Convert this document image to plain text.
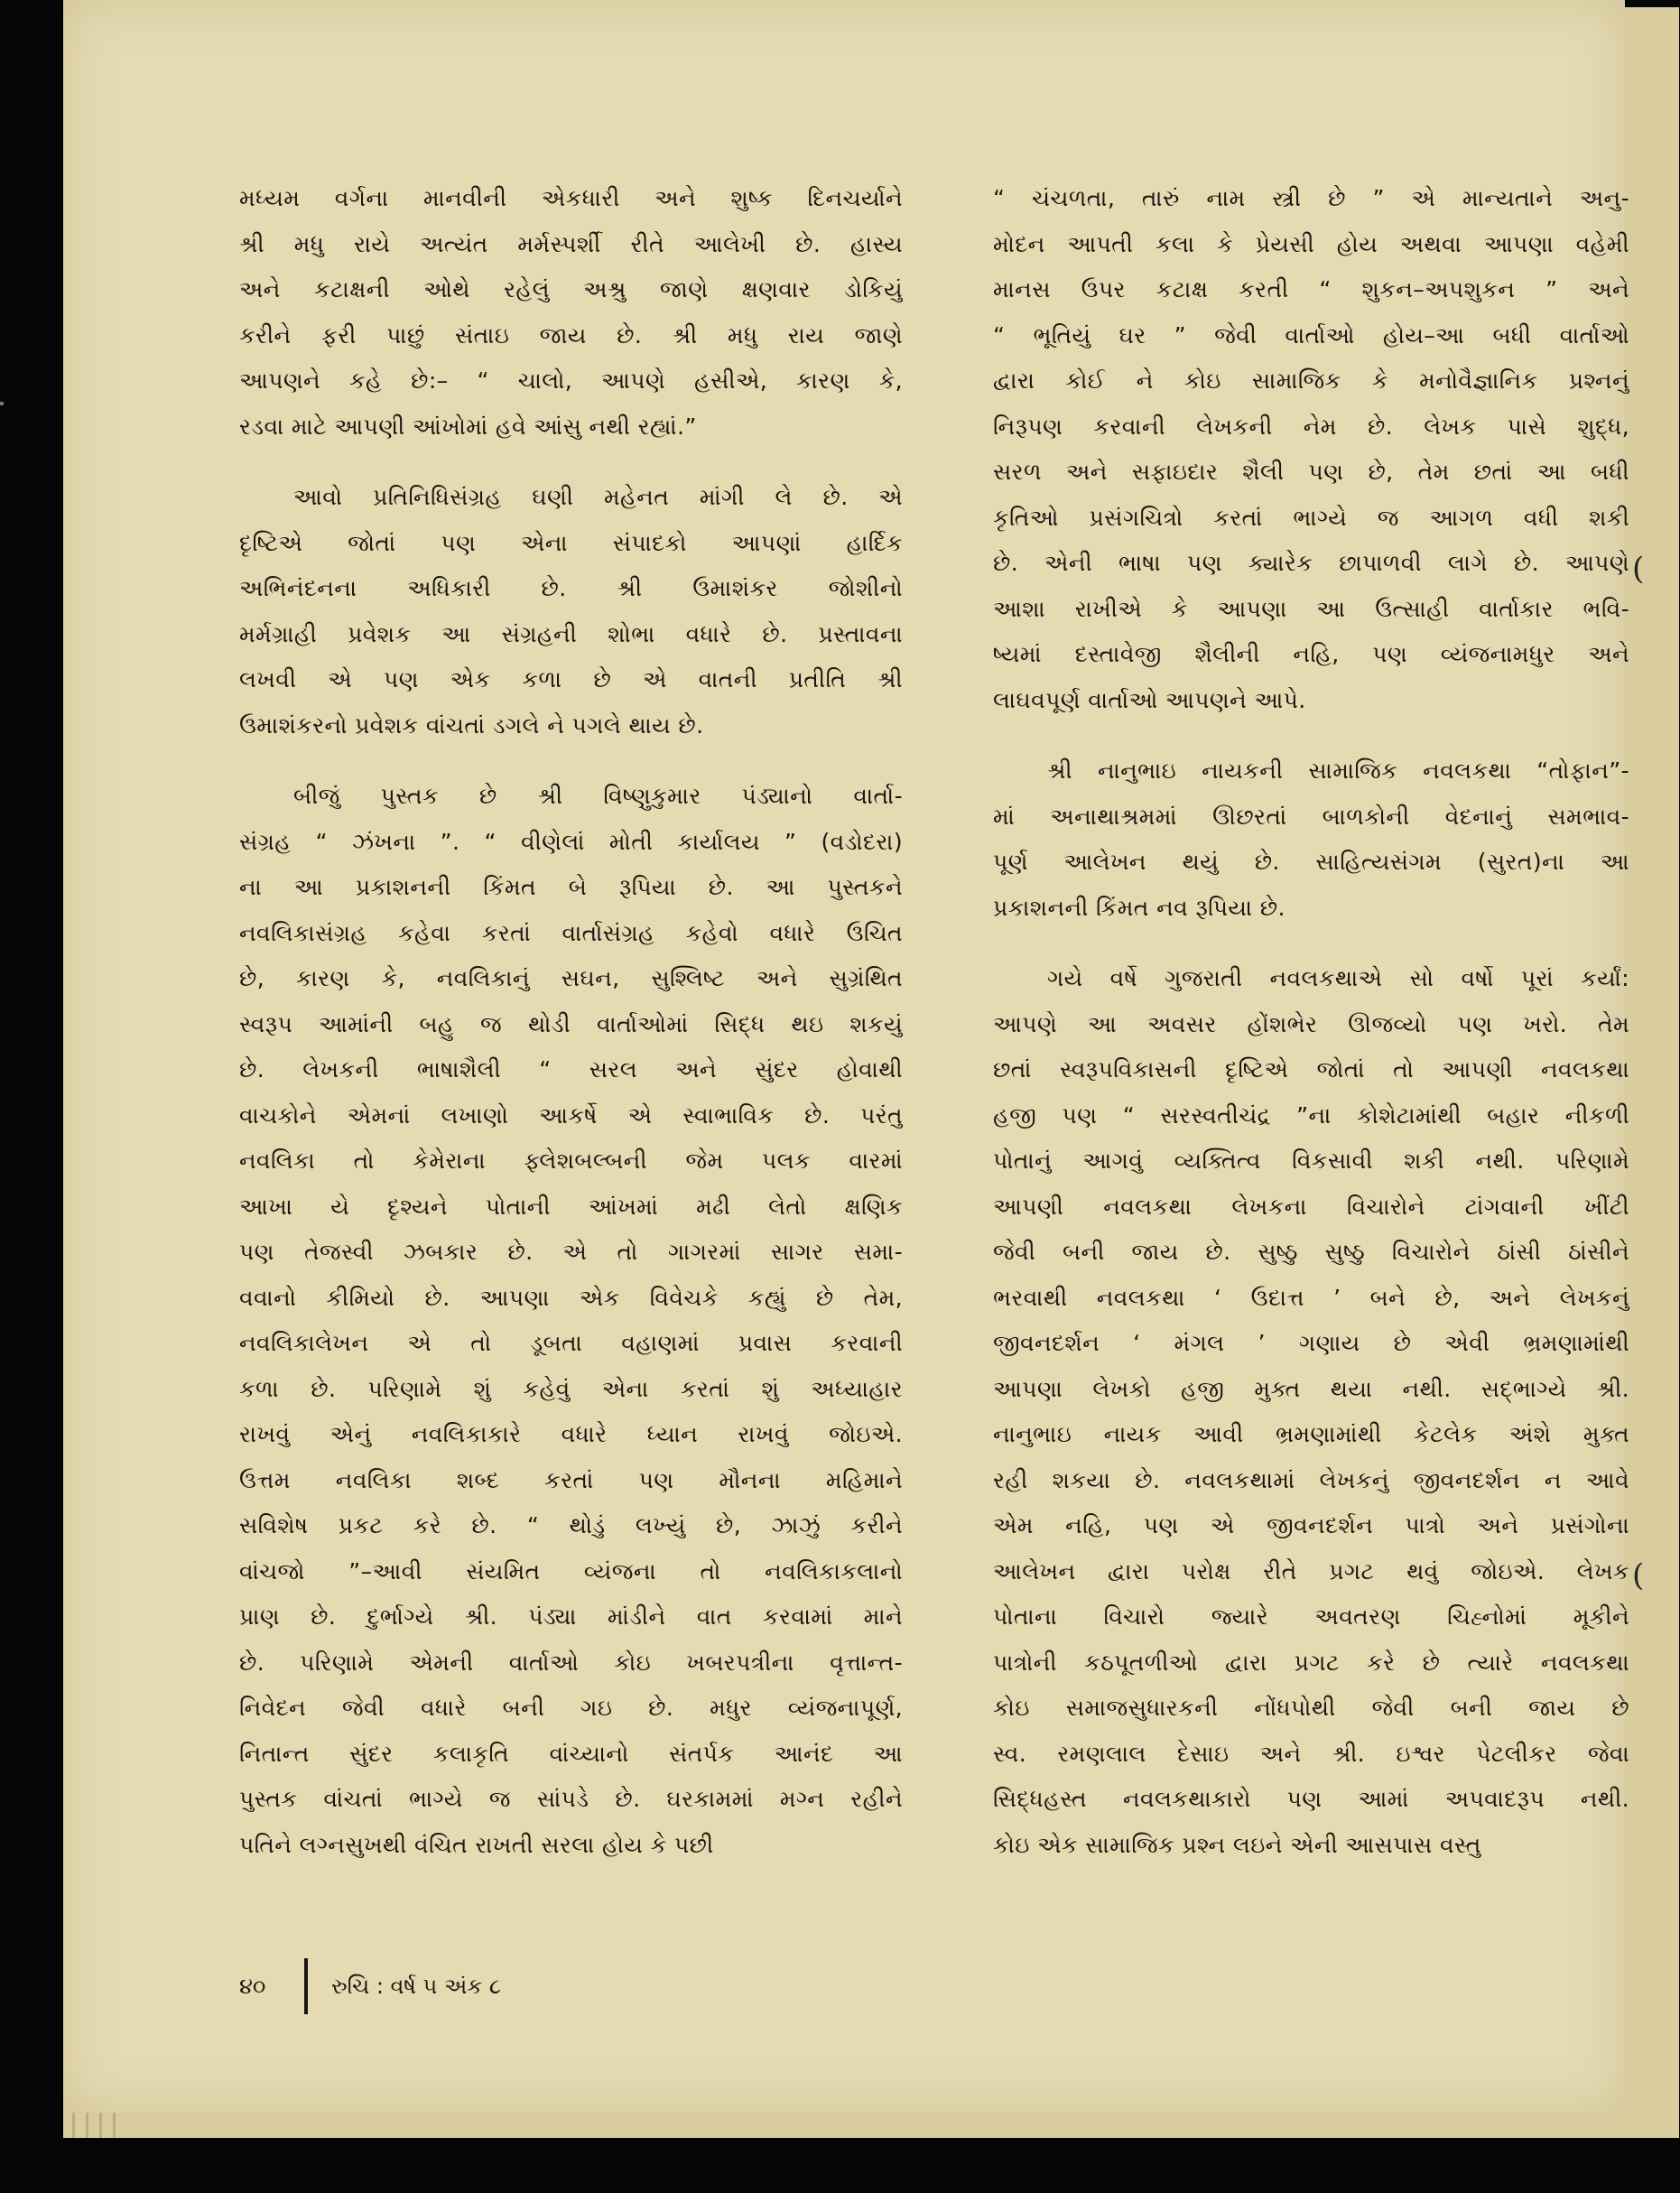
મધ્યમ વર્ગના માનવીની એકધારી અને શુષ્ક દિનચર્યાને
શ્રી મધુ રાયે અત્યંત મર્મસ્પર્શી રીતે આલેખી છે. હાસ્ય
અને કટાક્ષની ઓથે રહેલું અશ્રુ જાણે ક્ષણવાર ડોકિયું
કરીને ફરી પાછું સંતાઇ જાય છે. શ્રી મધુ રાય જાણે
આપણને કહે છે:– “ ચાલો, આપણે હસીએ, કારણ કે,
રડવા માટે આપણી આંખોમાં હવે આંસુ નથી રહ્યાં.”
આવો પ્રતિનિધિસંગ્રહ ઘણી મહેનત માંગી લે છે. એ
દૃષ્ટિએ જોતાં પણ એના સંપાદકો આપણાં હાર્દિક
અભિનંદનના અધિકારી છે. શ્રી ઉમાશંકર જોશીનો
મર્મગ્રાહી પ્રવેશક આ સંગ્રહની શોભા વધારે છે. પ્રસ્તાવના
લખવી એ પણ એક કળા છે એ વાતની પ્રતીતિ શ્રી
ઉમાશંકરનો પ્રવેશક વાંચતાં ડગલે ને પગલે થાય છે.
બીજું પુસ્તક છે શ્રી વિષ્ણુકુમાર પંડ્યાનો વાર્તા-
સંગ્રહ “ ઝંખના ”. “ વીણેલાં મોતી કાર્યાલય ” (વડોદરા)
ના આ પ્રકાશનની કિંમત બે રૂપિયા છે. આ પુસ્તકને
નવલિકાસંગ્રહ કહેવા કરતાં વાર્તાસંગ્રહ કહેવો વધારે ઉચિત
છે, કારણ કે, નવલિકાનું સઘન, સુશ્લિષ્ટ અને સુગ્રંથિત
સ્વરૂપ આમાંની બહુ જ થોડી વાર્તાઓમાં સિદ્ધ થઇ શકયું
છે. લેખકની ભાષાશૈલી “ સરલ અને સુંદર હોવાથી
વાચકોને એમનાં લખાણો આકર્ષે એ સ્વાભાવિક છે. પરંતુ
નવલિકા તો કેમેરાના ફ્લેશબલ્બની જેમ પલક વારમાં
આખા યે દૃશ્યને પોતાની આંખમાં મઢી લેતો ક્ષણિક
પણ તેજસ્વી ઝબકાર છે. એ તો ગાગરમાં સાગર સમા-
વવાનો કીમિયો છે. આપણા એક વિવેચકે કહ્યું છે તેમ,
નવલિકાલેખન એ તો ડૂબતા વહાણમાં પ્રવાસ કરવાની
કળા છે. પરિણામે શું કહેવું એના કરતાં શું અધ્યાહાર
રાખવું એનું નવલિકાકારે વધારે ધ્યાન રાખવું જોઇએ.
ઉત્તમ નવલિકા શબ્દ કરતાં પણ મૌનના મહિમાને
સવિશેષ પ્રકટ કરે છે. “ થોડું લખ્યું છે, ઝાઝું કરીને
વાંચજો ”–આવી સંયમિત વ્યંજના તો નવલિકાકલાનો
પ્રાણ છે. દુર્ભાગ્યે શ્રી. પંડ્યા માંડીને વાત કરવામાં માને
છે. પરિણામે એમની વાર્તાઓ કોઇ ખબરપત્રીના વૃત્તાન્ત-
નિવેદન જેવી વધારે બની ગઇ છે. મધુર વ્યંજનાપૂર્ણ,
નિતાન્ત સુંદર કલાકૃતિ વાંચ્યાનો સંતર્પક આનંદ આ
પુસ્તક વાંચતાં ભાગ્યે જ સાંપડે છે. ઘરકામમાં મગ્ન રહીને
પતિને લગ્નસુખથી વંચિત રાખતી સરલા હોય કે પછી
“ ચંચળતા, તારું નામ સ્ત્રી છે ” એ માન્યતાને અનુ-
મોદન આપતી કલા કે પ્રેયસી હોય અથવા આપણા વહેમી
માનસ ઉપર કટાક્ષ કરતી “ શુકન–અપશુકન ” અને
“ ભૂતિયું ઘર ” જેવી વાર્તાઓ હોય–આ બધી વાર્તાઓ
દ્વારા કોઈ ને કોઇ સામાજિક કે મનોવૈજ્ઞાનિક પ્રશ્નનું
નિરૂપણ કરવાની લેખકની નેમ છે. લેખક પાસે શુદ્ધ,
સરળ અને સફાઇદાર શૈલી પણ છે, તેમ છતાં આ બધી
કૃતિઓ પ્રસંગચિત્રો કરતાં ભાગ્યે જ આગળ વધી શકી
છે. એની ભાષા પણ ક્યારેક છાપાળવી લાગે છે. આપણે
આશા રાખીએ કે આપણા આ ઉત્સાહી વાર્તાકાર ભવિ-
ષ્યમાં દસ્તાવેજી શૈલીની નહિ, પણ વ્યંજનામધુર અને
લાઘવપૂર્ણ વાર્તાઓ આપણને આપે.
શ્રી નાનુભાઇ નાયકની સામાજિક નવલકથા “તોફાન”-
માં અનાથાશ્રમમાં ઊછરતાં બાળકોની વેદનાનું સમભાવ-
પૂર્ણ આલેખન થયું છે. સાહિત્યસંગમ (સુરત)ના આ
પ્રકાશનની કિંમત નવ રૂપિયા છે.
ગયે વર્ષે ગુજરાતી નવલકથાએ સો વર્ષો પૂરાં કર્યાં:
આપણે આ અવસર હોંશભેર ઊજવ્યો પણ ખરો. તેમ
છતાં સ્વરૂપવિકાસની દૃષ્ટિએ જોતાં તો આપણી નવલકથા
હજી પણ “ સરસ્વતીચંદ્ર ”ના કોશેટામાંથી બહાર નીકળી
પોતાનું આગવું વ્યક્તિત્વ વિકસાવી શકી નથી. પરિણામે
આપણી નવલકથા લેખકના વિચારોને ટાંગવાની ખીંટી
જેવી બની જાય છે. સુષ્ઠુ સુષ્ઠુ વિચારોને ઠાંસી ઠાંસીને
ભરવાથી નવલકથા ‘ ઉદાત્ત ’ બને છે, અને લેખકનું
જીવનદર્શન ‘ મંગલ ’ ગણાય છે એવી ભ્રમણામાંથી
આપણા લેખકો હજી મુક્ત થયા નથી. સદ્ભાગ્યે શ્રી.
નાનુભાઇ નાયક આવી ભ્રમણામાંથી કેટલેક અંશે મુક્ત
રહી શકયા છે. નવલકથામાં લેખકનું જીવનદર્શન ન આવે
એમ નહિ, પણ એ જીવનદર્શન પાત્રો અને પ્રસંગોના
આલેખન દ્વારા પરોક્ષ રીતે પ્રગટ થવું જોઇએ. લેખક
પોતાના વિચારો જ્યારે અવતરણ ચિહ્નોમાં મૂકીને
પાત્રોની કઠપૂતળીઓ દ્વારા પ્રગટ કરે છે ત્યારે નવલકથા
કોઇ સમાજસુધારકની નોંધપોથી જેવી બની જાય છે
સ્વ. રમણલાલ દેસાઇ અને શ્રી. ઇશ્વર પેટલીકર જેવા
સિદ્ધહસ્ત નવલકથાકારો પણ આમાં અપવાદરૂપ નથી.
કોઇ એક સામાજિક પ્રશ્ન લઇને એની આસપાસ વસ્તુ
૪૦	રુચિ : વર્ષ ૫ અંક ૮
(
(
